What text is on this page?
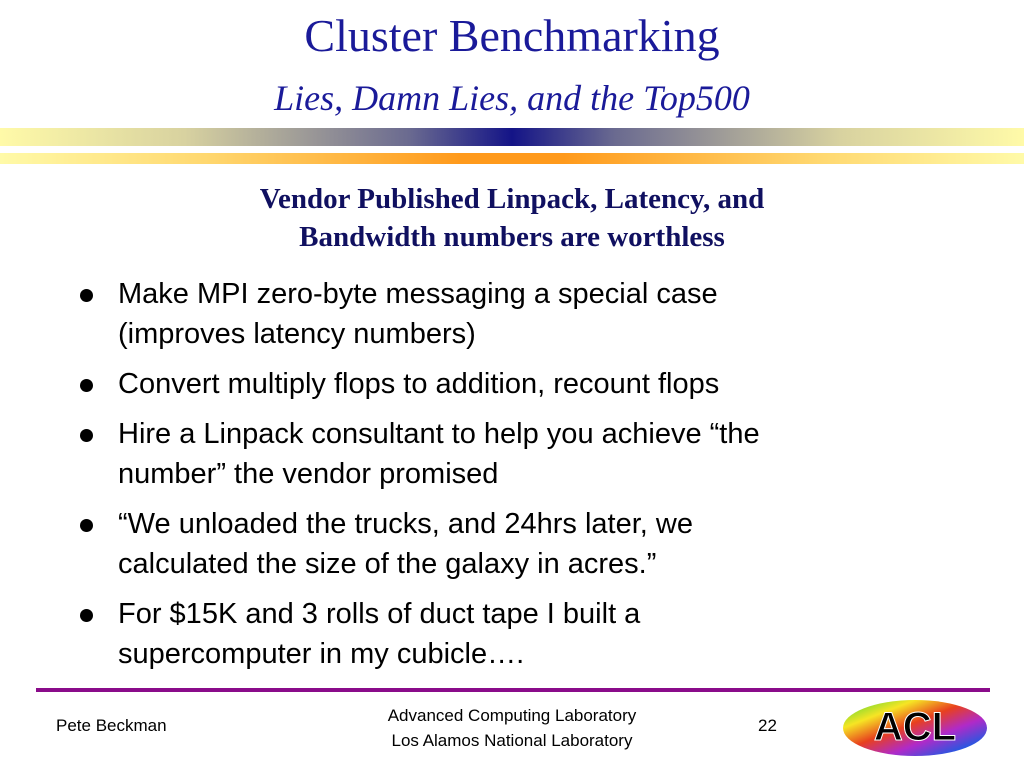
Cluster Benchmarking
Lies, Damn Lies, and the Top500
Vendor Published Linpack, Latency, and
Bandwidth numbers are worthless
Make MPI zero-byte messaging a special case
(improves latency numbers)
Convert multiply flops to addition, recount flops
Hire a Linpack consultant to help you achieve “the
number” the vendor promised
“We unloaded the trucks, and 24hrs later, we
calculated the size of the galaxy in acres.”
For $15K and 3 rolls of duct tape I built a
supercomputer in my cubicle….
Pete Beckman
Advanced Computing Laboratory
Los Alamos National Laboratory
22 ACL
